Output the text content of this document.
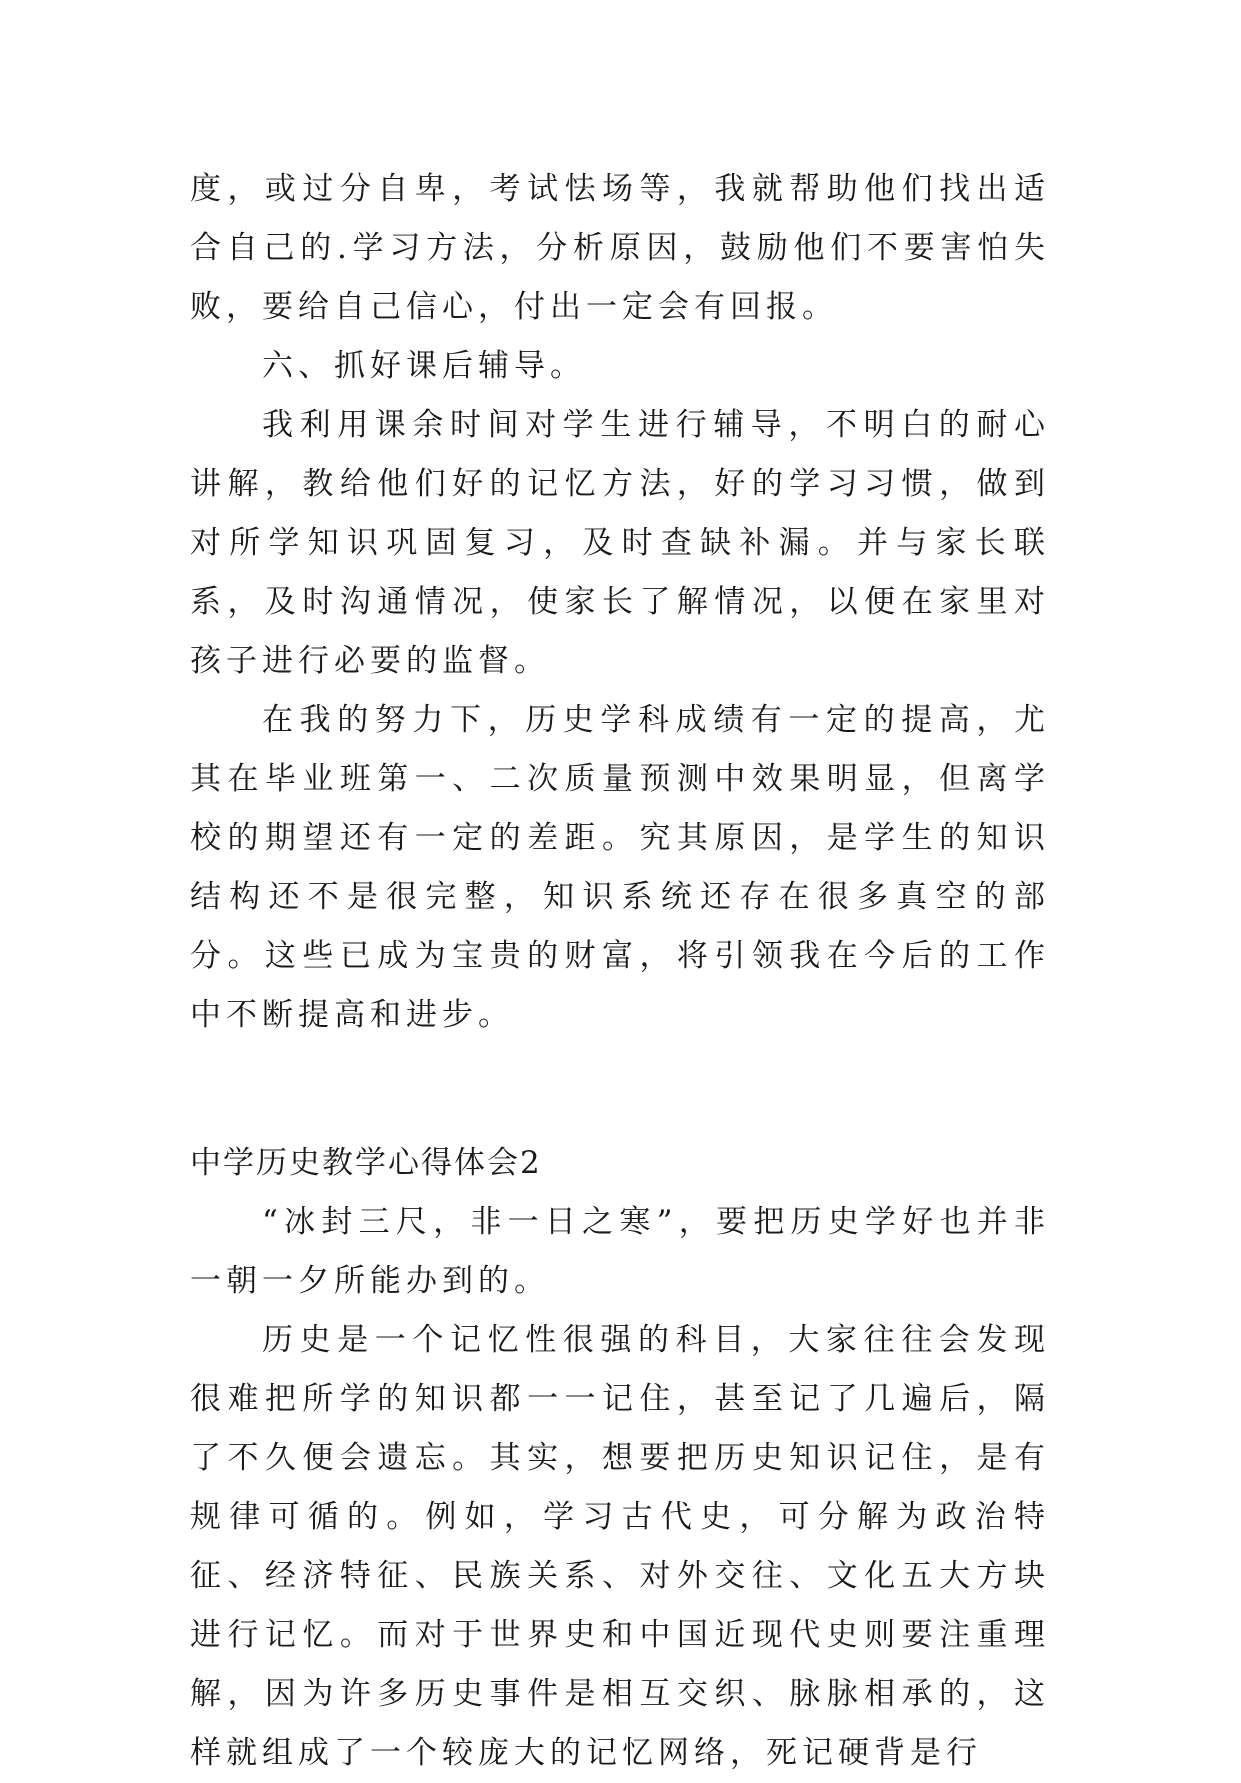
度，或过分自卑，考试怯场等，我就帮助他们找出适合自己的.学习方法，分析原因，鼓励他们不要害怕失败，要给自己信心，付出一定会有回报。

六、抓好课后辅导。

我利用课余时间对学生进行辅导，不明白的耐心讲解，教给他们好的记忆方法，好的学习习惯，做到对所学知识巩固复习，及时查缺补漏。并与家长联系，及时沟通情况，使家长了解情况，以便在家里对孩子进行必要的监督。

在我的努力下，历史学科成绩有一定的提高，尤其在毕业班第一、二次质量预测中效果明显，但离学校的期望还有一定的差距。究其原因，是学生的知识结构还不是很完整，知识系统还存在很多真空的部分。这些已成为宝贵的财富，将引领我在今后的工作中不断提高和进步。

中学历史教学心得体会2

“冰封三尺，非一日之寒”，要把历史学好也并非一朝一夕所能办到的。

历史是一个记忆性很强的科目，大家往往会发现很难把所学的知识都一一记住，甚至记了几遍后，隔了不久便会遗忘。其实，想要把历史知识记住，是有规律可循的。例如，学习古代史，可分解为政治特征、经济特征、民族关系、对外交往、文化五大方块进行记忆。而对于世界史和中国近现代史则要注重理解，因为许多历史事件是相互交织、脉脉相承的，这样就组成了一个较庞大的记忆网络，死记硬背是行
